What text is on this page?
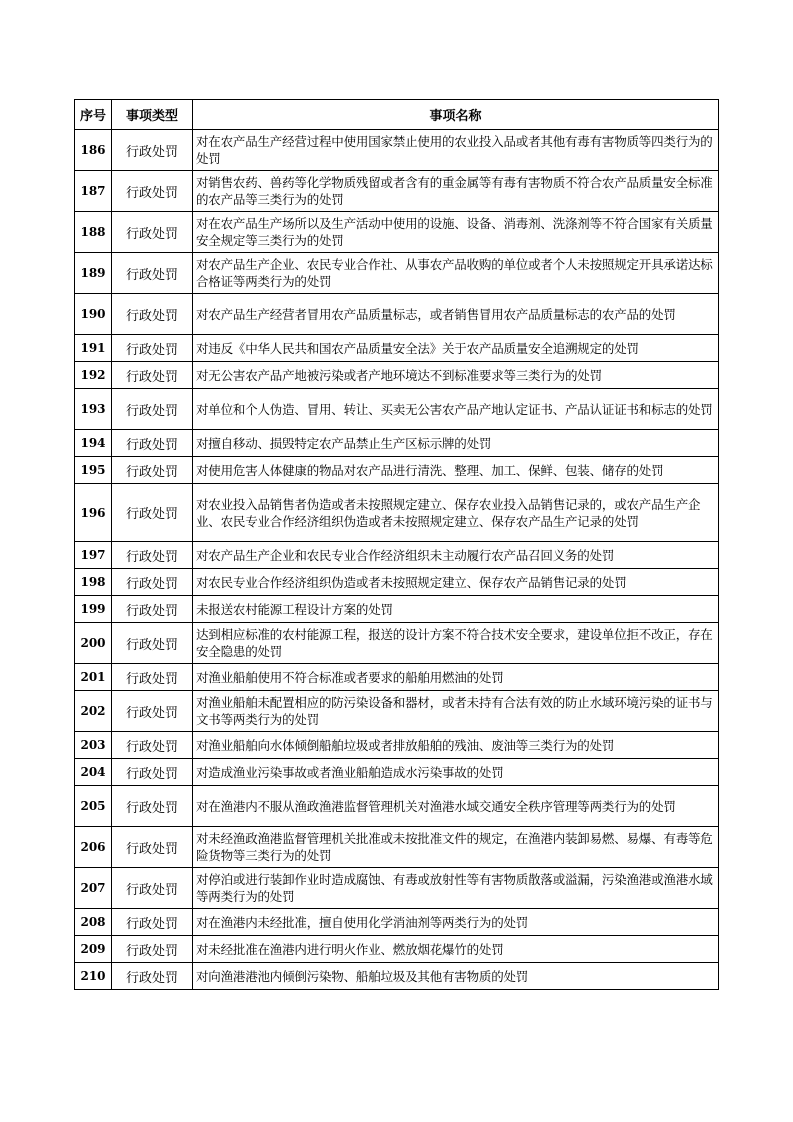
序号	事项类型	事项名称
186	行政处罚	对在农产品生产经营过程中使用国家禁止使用的农业投入品或者其他有毒有害物质等四类行为的处罚
187	行政处罚	对销售农药、兽药等化学物质残留或者含有的重金属等有毒有害物质不符合农产品质量安全标准的农产品等三类行为的处罚
188	行政处罚	对在农产品生产场所以及生产活动中使用的设施、设备、消毒剂、洗涤剂等不符合国家有关质量安全规定等三类行为的处罚
189	行政处罚	对农产品生产企业、农民专业合作社、从事农产品收购的单位或者个人未按照规定开具承诺达标合格证等两类行为的处罚
190	行政处罚	对农产品生产经营者冒用农产品质量标志，或者销售冒用农产品质量标志的农产品的处罚
191	行政处罚	对违反《中华人民共和国农产品质量安全法》关于农产品质量安全追溯规定的处罚
192	行政处罚	对无公害农产品产地被污染或者产地环境达不到标准要求等三类行为的处罚
193	行政处罚	对单位和个人伪造、冒用、转让、买卖无公害农产品产地认定证书、产品认证证书和标志的处罚
194	行政处罚	对擅自移动、损毁特定农产品禁止生产区标示牌的处罚
195	行政处罚	对使用危害人体健康的物品对农产品进行清洗、整理、加工、保鲜、包装、储存的处罚
196	行政处罚	对农业投入品销售者伪造或者未按照规定建立、保存农业投入品销售记录的，或农产品生产企业、农民专业合作经济组织伪造或者未按照规定建立、保存农产品生产记录的处罚
197	行政处罚	对农产品生产企业和农民专业合作经济组织未主动履行农产品召回义务的处罚
198	行政处罚	对农民专业合作经济组织伪造或者未按照规定建立、保存农产品销售记录的处罚
199	行政处罚	未报送农村能源工程设计方案的处罚
200	行政处罚	达到相应标准的农村能源工程，报送的设计方案不符合技术安全要求，建设单位拒不改正，存在安全隐患的处罚
201	行政处罚	对渔业船舶使用不符合标准或者要求的船舶用燃油的处罚
202	行政处罚	对渔业船舶未配置相应的防污染设备和器材，或者未持有合法有效的防止水域环境污染的证书与文书等两类行为的处罚
203	行政处罚	对渔业船舶向水体倾倒船舶垃圾或者排放船舶的残油、废油等三类行为的处罚
204	行政处罚	对造成渔业污染事故或者渔业船舶造成水污染事故的处罚
205	行政处罚	对在渔港内不服从渔政渔港监督管理机关对渔港水域交通安全秩序管理等两类行为的处罚
206	行政处罚	对未经渔政渔港监督管理机关批准或未按批准文件的规定，在渔港内装卸易燃、易爆、有毒等危险货物等三类行为的处罚
207	行政处罚	对停泊或进行装卸作业时造成腐蚀、有毒或放射性等有害物质散落或溢漏，污染渔港或渔港水域等两类行为的处罚
208	行政处罚	对在渔港内未经批准，擅自使用化学消油剂等两类行为的处罚
209	行政处罚	对未经批准在渔港内进行明火作业、燃放烟花爆竹的处罚
210	行政处罚	对向渔港港池内倾倒污染物、船舶垃圾及其他有害物质的处罚
